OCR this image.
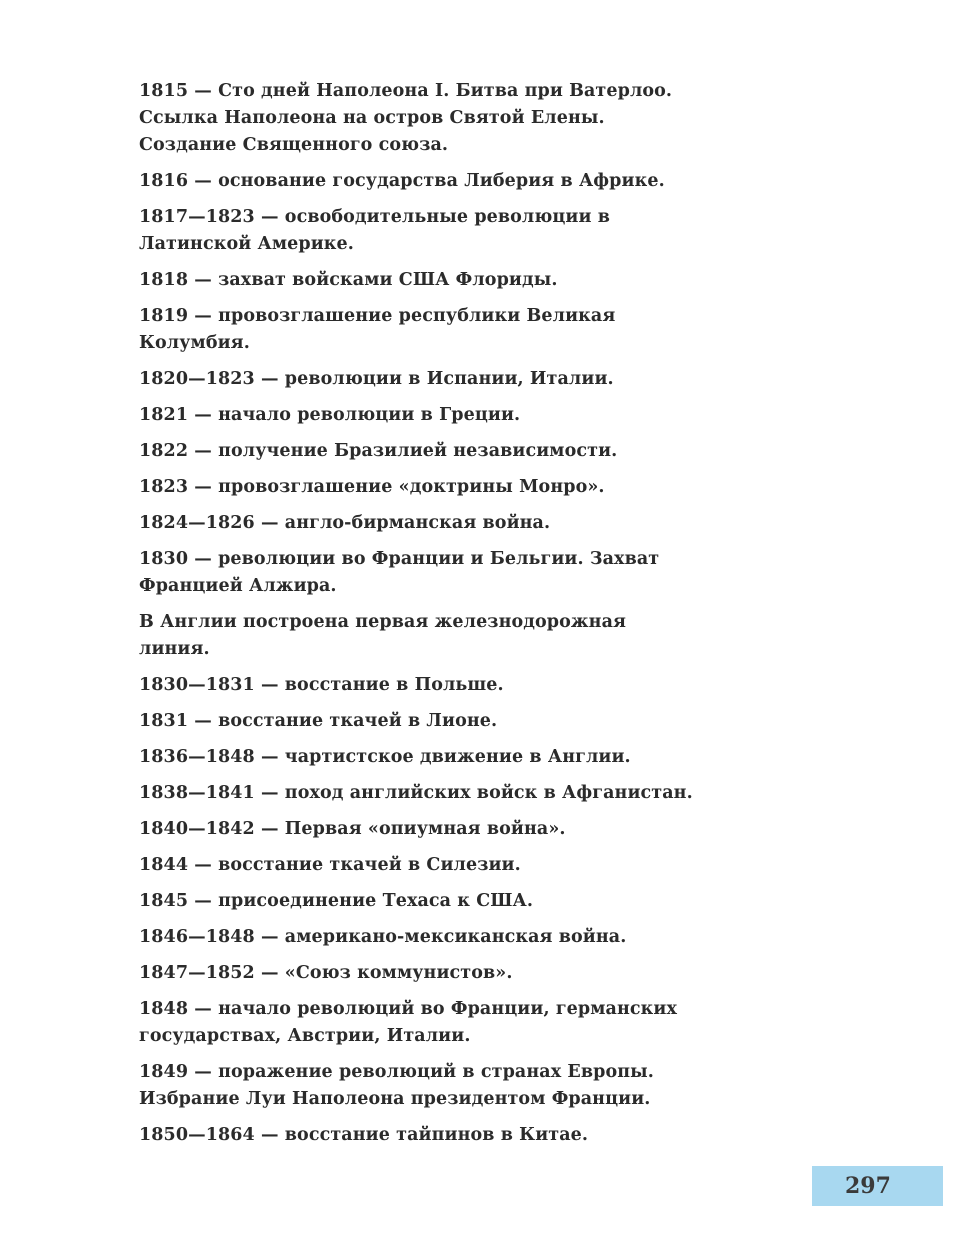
1815 — Сто дней Наполеона I. Битва при Ватерлоо. Ссылка Наполеона на остров Святой Елены. Создание Священного союза.
1816 — основание государства Либерия в Африке.
1817—1823 — освободительные революции в Латинской Америке.
1818 — захват войсками США Флориды.
1819 — провозглашение республики Великая Колумбия.
1820—1823 — революции в Испании, Италии.
1821 — начало революции в Греции.
1822 — получение Бразилией независимости.
1823 — провозглашение «доктрины Монро».
1824—1826 — англо-бирманская война.
1830 — революции во Франции и Бельгии. Захват Францией Алжира.
В Англии построена первая железнодорожная линия.
1830—1831 — восстание в Польше.
1831 — восстание ткачей в Лионе.
1836—1848 — чартистское движение в Англии.
1838—1841 — поход английских войск в Афганистан.
1840—1842 — Первая «опиумная война».
1844 — восстание ткачей в Силезии.
1845 — присоединение Техаса к США.
1846—1848 — американо-мексиканская война.
1847—1852 — «Союз коммунистов».
1848 — начало революций во Франции, германских государствах, Австрии, Италии.
1849 — поражение революций в странах Европы. Избрание Луи Наполеона президентом Франции.
1850—1864 — восстание тайпинов в Китае.
297
